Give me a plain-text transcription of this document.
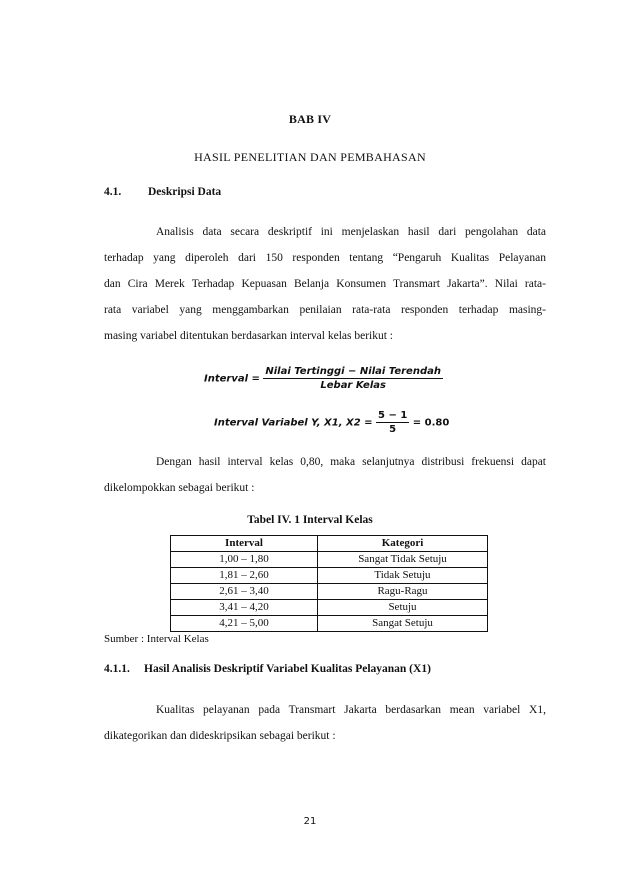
BAB IV
HASIL PENELITIAN DAN PEMBAHASAN
4.1. Deskripsi Data
Analisis data secara deskriptif ini menjelaskan hasil dari pengolahan data
terhadap yang diperoleh dari 150 responden tentang “Pengaruh Kualitas Pelayanan
dan Cira Merek Terhadap Kepuasan Belanja Konsumen Transmart Jakarta”. Nilai rata-
rata variabel yang menggambarkan penilaian rata-rata responden terhadap masing-
masing variabel ditentukan berdasarkan interval kelas berikut :
Interval = $\frac{\text{Nilai Tertinggi − Nilai Terendah}}{\text{Lebar Kelas}}$
Interval Variabel Y, X1, $X2 = \frac{5 - 1}{5} = 0.80$
Dengan hasil interval kelas 0,80, maka selanjutnya distribusi frekuensi dapat
dikelompokkan sebagai berikut :
Tabel IV. 1 Interval Kelas
Interval	Kategori
1,00 – 1,80	Sangat Tidak Setuju
1,81 – 2,60	Tidak Setuju
2,61 – 3,40	Ragu-Ragu
3,41 – 4,20	Setuju
4,21 – 5,00	Sangat Setuju
Sumber : Interval Kelas
4.1.1. Hasil Analisis Deskriptif Variabel Kualitas Pelayanan (X1)
Kualitas pelayanan pada Transmart Jakarta berdasarkan mean variabel X1,
dikategorikan dan dideskripsikan sebagai berikut :
21
